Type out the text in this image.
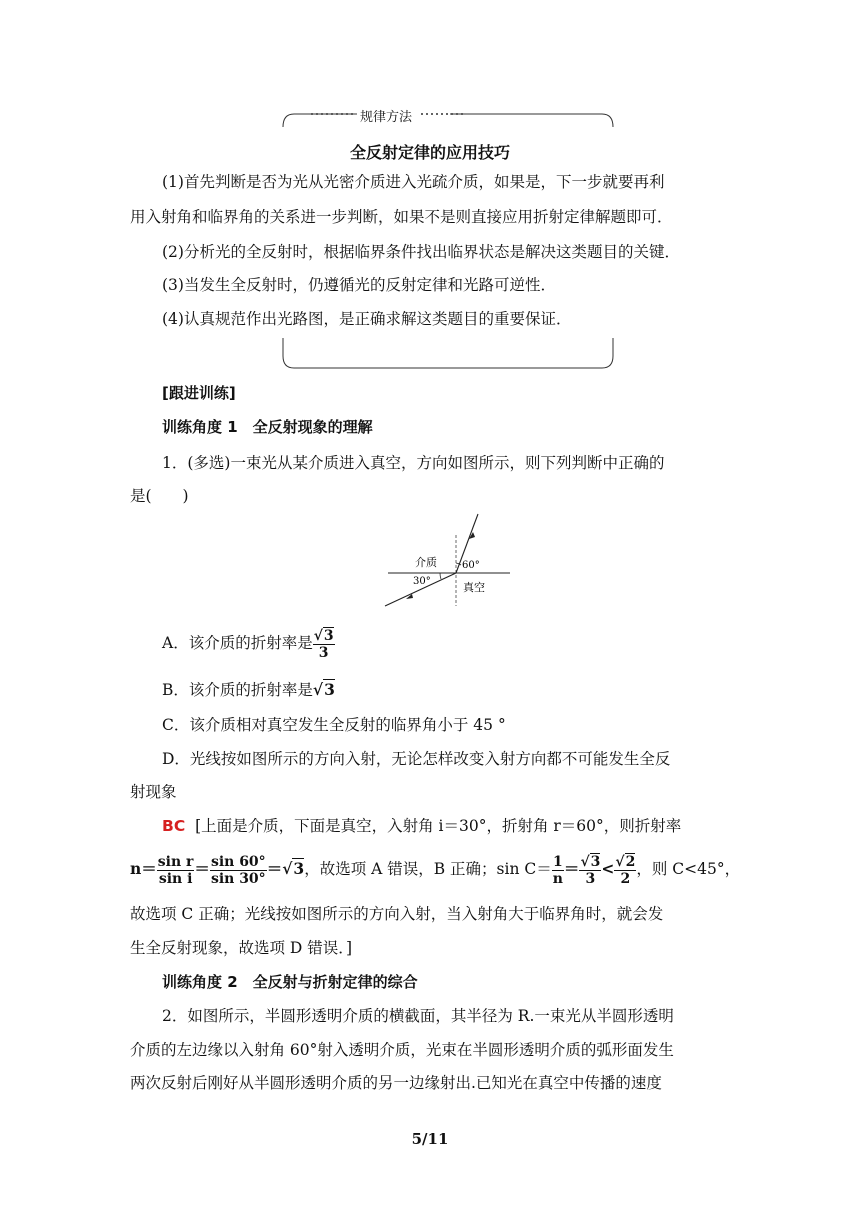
规律方法
全反射定律的应用技巧
(1)首先判断是否为光从光密介质进入光疏介质，如果是，下一步就要再利
用入射角和临界角的关系进一步判断，如果不是则直接应用折射定律解题即可．
(2)分析光的全反射时，根据临界条件找出临界状态是解决这类题目的关键．
(3)当发生全反射时，仍遵循光的反射定律和光路可逆性．
(4)认真规范作出光路图，是正确求解这类题目的重要保证．
[跟进训练]
训练角度 1　全反射现象的理解
1．(多选)一束光从某介质进入真空，方向如图所示，则下列判断中正确的
是(　　)
介质	60°
30°	真空
A．该介质的折射率是 $\frac{√3}{3}$
B．该介质的折射率是√3
C．该介质相对真空发生全反射的临界角小于 45 °
D．光线按如图所示的方向入射，无论怎样改变入射方向都不可能发生全反
射现象
BC [上面是介质，下面是真空，入射角 i＝30°，折射角 r＝60°，则折射率
$n= \frac{\text{sin r}}{\text{sin i}} = \frac{\sin 60^\circ}{\sin 30^\circ} =√3$，故选项 A 错误，B 正确；$\sin C= \frac{1}{n} = \frac{√3}{3} < \frac{√2}{2}$ ，则 C<45°，
故选项 C 正确；光线按如图所示的方向入射，当入射角大于临界角时，就会发
生全反射现象，故选项 D 错误．]
训练角度 2　全反射与折射定律的综合
2．如图所示，半圆形透明介质的横截面，其半径为 R.一束光从半圆形透明
介质的左边缘以入射角 60°射入透明介质，光束在半圆形透明介质的弧形面发生
两次反射后刚好从半圆形透明介质的另一边缘射出.已知光在真空中传播的速度
5/11
